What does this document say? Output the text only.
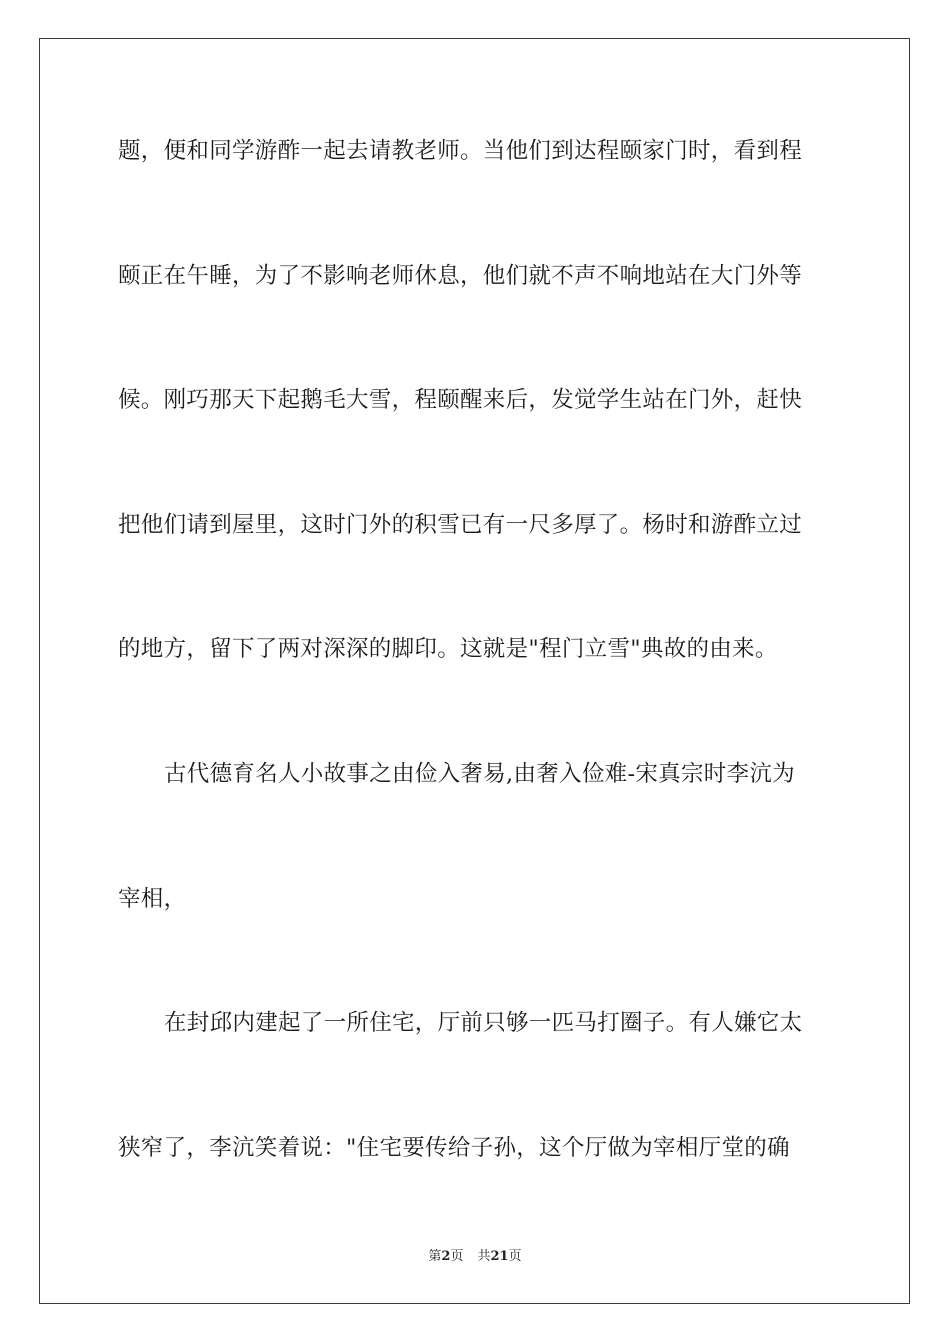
题，便和同学游酢一起去请教老师。当他们到达程颐家门时，看到程
颐正在午睡，为了不影响老师休息，他们就不声不响地站在大门外等
候。刚巧那天下起鹅毛大雪，程颐醒来后，发觉学生站在门外，赶快
把他们请到屋里，这时门外的积雪已有一尺多厚了。杨时和游酢立过
的地方，留下了两对深深的脚印。这就是"程门立雪"典故的由来。
古代德育名人小故事之由俭入奢易,由奢入俭难-宋真宗时李沆为
宰相，
在封邱内建起了一所住宅，厅前只够一匹马打圈子。有人嫌它太
狭窄了，李沆笑着说："住宅要传给子孙，这个厅做为宰相厅堂的确
第2页 共21页
